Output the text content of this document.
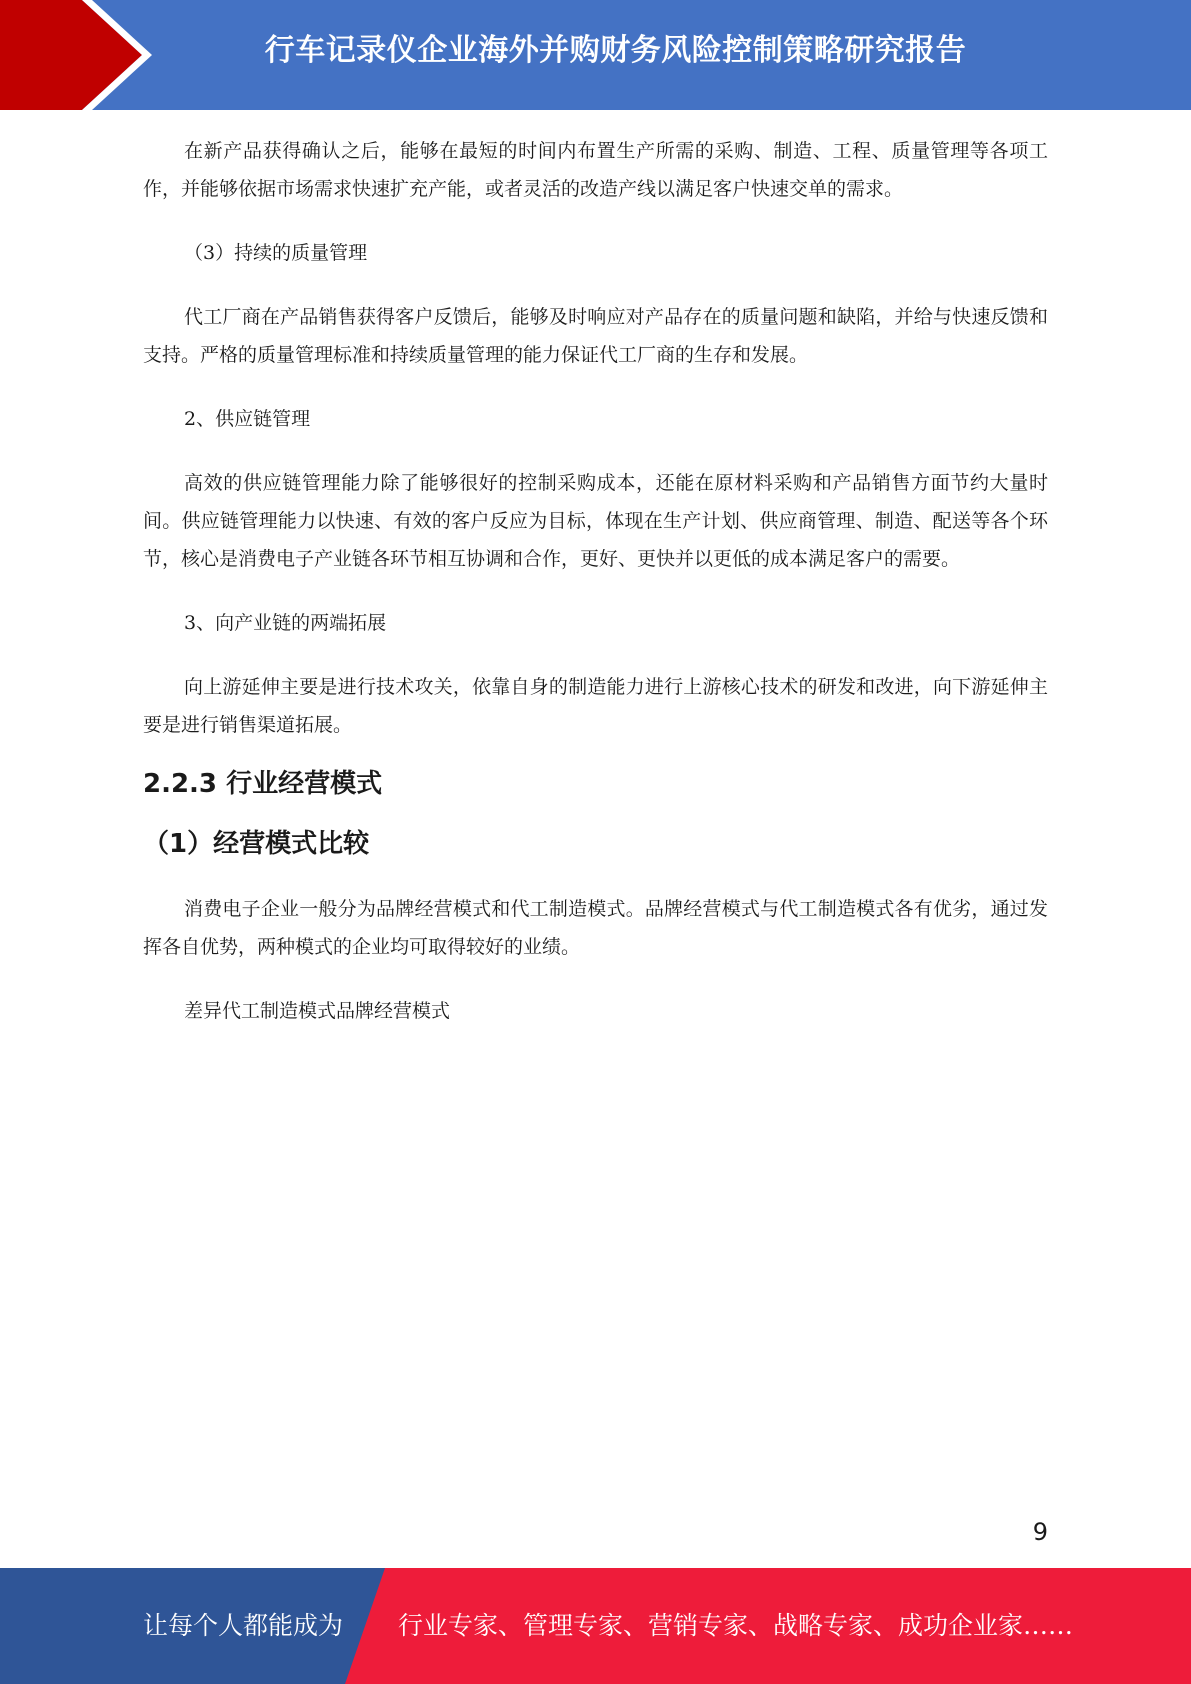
行车记录仪企业海外并购财务风险控制策略研究报告

在新产品获得确认之后，能够在最短的时间内布置生产所需的采购、制造、工程、质量管理等各项工作，并能够依据市场需求快速扩充产能，或者灵活的改造产线以满足客户快速交单的需求。

（3）持续的质量管理

代工厂商在产品销售获得客户反馈后，能够及时响应对产品存在的质量问题和缺陷，并给与快速反馈和支持。严格的质量管理标准和持续质量管理的能力保证代工厂商的生存和发展。

2、供应链管理

高效的供应链管理能力除了能够很好的控制采购成本，还能在原材料采购和产品销售方面节约大量时间。供应链管理能力以快速、有效的客户反应为目标，体现在生产计划、供应商管理、制造、配送等各个环节，核心是消费电子产业链各环节相互协调和合作，更好、更快并以更低的成本满足客户的需要。

3、向产业链的两端拓展

向上游延伸主要是进行技术攻关，依靠自身的制造能力进行上游核心技术的研发和改进，向下游延伸主要是进行销售渠道拓展。

2.2.3 行业经营模式
（1）经营模式比较

消费电子企业一般分为品牌经营模式和代工制造模式。品牌经营模式与代工制造模式各有优劣，通过发挥各自优势，两种模式的企业均可取得较好的业绩。

差异代工制造模式品牌经营模式

9
让每个人都能成为 行业专家、管理专家、营销专家、战略专家、成功企业家……
